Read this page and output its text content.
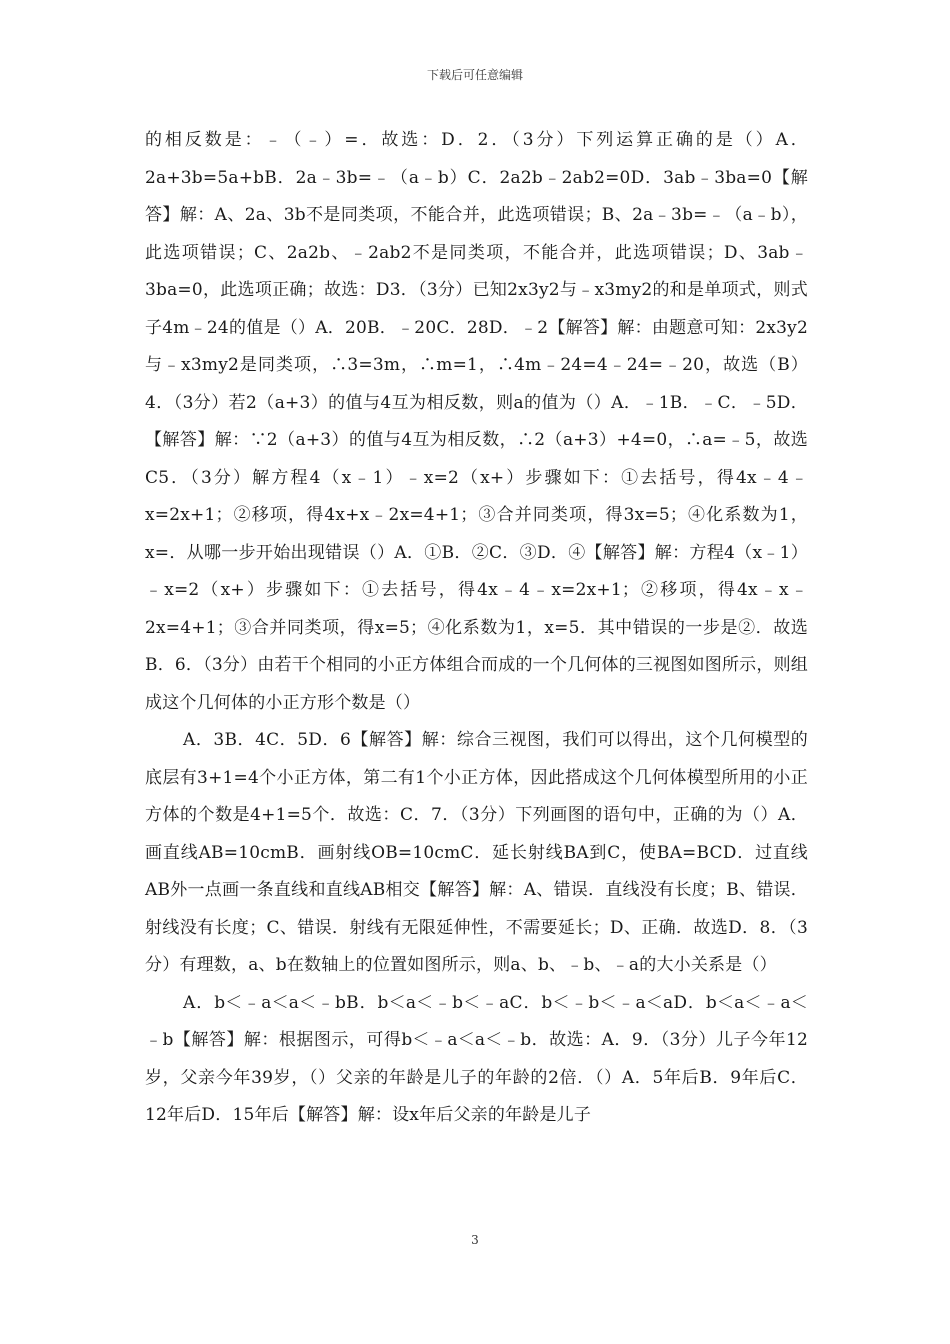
下载后可任意编辑

的相反数是：﹣（﹣）=．故选：D．2．（3分）下列运算正确的是（）A．2a+3b=5a+bB．2a﹣3b=﹣（a﹣b）C．2a2b﹣2ab2=0D．3ab﹣3ba=0【解答】解：A、2a、3b不是同类项，不能合并，此选项错误；B、2a﹣3b=﹣（a﹣b），此选项错误；C、2a2b、﹣2ab2不是同类项，不能合并，此选项错误；D、3ab﹣3ba=0，此选项正确；故选：D3．（3分）已知2x3y2与﹣x3my2的和是单项式，则式子4m﹣24的值是（）A．20B．﹣20C．28D．﹣2【解答】解：由题意可知：2x3y2与﹣x3my2是同类项，∴3=3m，∴m=1，∴4m﹣24=4﹣24=﹣20，故选（B）4．（3分）若2（a+3）的值与4互为相反数，则a的值为（）A．﹣1B．﹣C．﹣5D．【解答】解：∵2（a+3）的值与4互为相反数，∴2（a+3）+4=0，∴a=﹣5，故选C5．（3分）解方程4（x﹣1）﹣x=2（x+）步骤如下：①去括号，得4x﹣4﹣x=2x+1；②移项，得4x+x﹣2x=4+1；③合并同类项，得3x=5；④化系数为1，x=．从哪一步开始出现错误（）A．①B．②C．③D．④【解答】解：方程4（x﹣1）﹣x=2（x+）步骤如下：①去括号，得4x﹣4﹣x=2x+1；②移项，得4x﹣x﹣2x=4+1；③合并同类项，得x=5；④化系数为1，x=5．其中错误的一步是②．故选B．6．（3分）由若干个相同的小正方体组合而成的一个几何体的三视图如图所示，则组成这个几何体的小正方形个数是（）

A．3B．4C．5D．6【解答】解：综合三视图，我们可以得出，这个几何模型的底层有3+1=4个小正方体，第二有1个小正方体，因此搭成这个几何体模型所用的小正方体的个数是4+1=5个．故选：C．7．（3分）下列画图的语句中，正确的为（）A．画直线AB=10cmB．画射线OB=10cmC．延长射线BA到C，使BA=BCD．过直线AB外一点画一条直线和直线AB相交【解答】解：A、错误．直线没有长度；B、错误．射线没有长度；C、错误．射线有无限延伸性，不需要延长；D、正确．故选D．8．（3分）有理数，a、b在数轴上的位置如图所示，则a、b、﹣b、﹣a的大小关系是（）

A．b＜﹣a＜a＜﹣bB．b＜a＜﹣b＜﹣aC．b＜﹣b＜﹣a＜aD．b＜a＜﹣a＜﹣b【解答】解：根据图示，可得b＜﹣a＜a＜﹣b．故选：A．9．（3分）儿子今年12岁，父亲今年39岁，（）父亲的年龄是儿子的年龄的2倍．（）A．5年后B．9年后C．12年后D．15年后【解答】解：设x年后父亲的年龄是儿子

3
